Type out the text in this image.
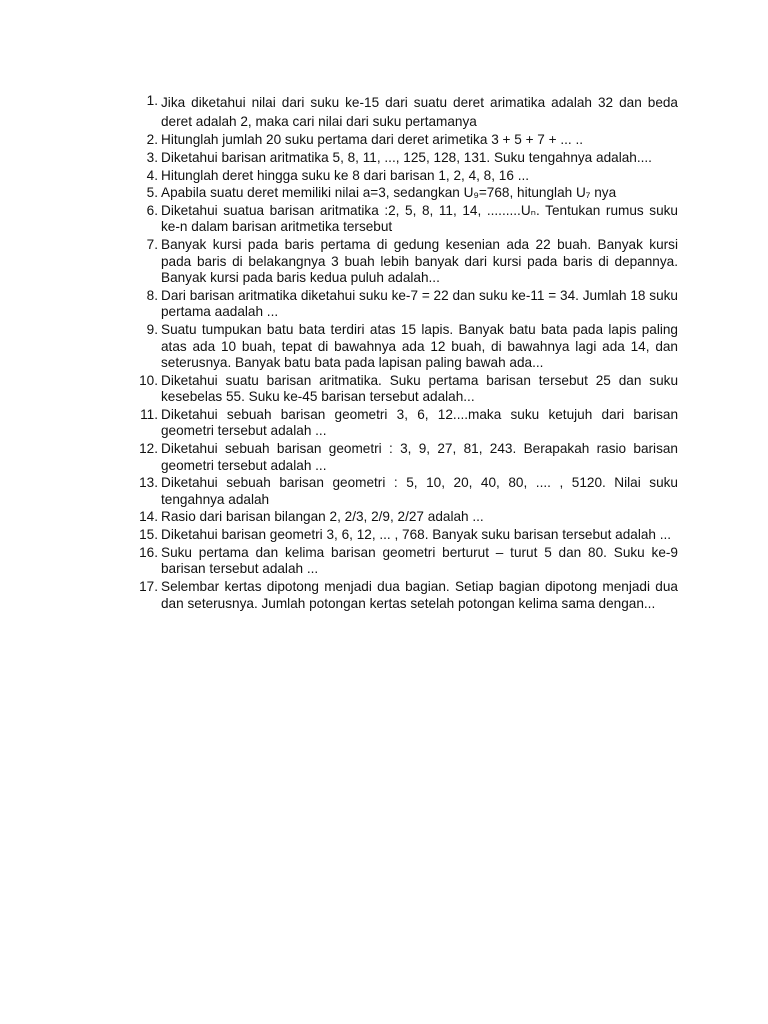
1. Jika diketahui nilai dari suku ke-15 dari suatu deret arimatika adalah 32 dan beda deret adalah 2, maka cari nilai dari suku pertamanya
2. Hitunglah jumlah 20 suku pertama dari deret arimetika 3 + 5 + 7 + ... ..
3. Diketahui barisan aritmatika 5, 8, 11, ..., 125, 128, 131. Suku tengahnya adalah....
4. Hitunglah deret hingga suku ke 8 dari barisan 1, 2, 4, 8, 16 ...
5. Apabila suatu deret memiliki nilai a=3, sedangkan U₉=768, hitunglah U₇ nya
6. Diketahui suatua barisan aritmatika :2, 5, 8, 11, 14, .........Uₙ. Tentukan rumus suku ke-n dalam barisan aritmetika tersebut
7. Banyak kursi pada baris pertama di gedung kesenian ada 22 buah. Banyak kursi pada baris di belakangnya 3 buah lebih banyak dari kursi pada baris di depannya. Banyak kursi pada baris kedua puluh adalah...
8. Dari barisan aritmatika diketahui suku ke-7 = 22 dan suku ke-11 = 34. Jumlah 18 suku pertama aadalah ...
9. Suatu tumpukan batu bata terdiri atas 15 lapis. Banyak batu bata pada lapis paling atas ada 10 buah, tepat di bawahnya ada 12 buah, di bawahnya lagi ada 14, dan seterusnya. Banyak batu bata pada lapisan paling bawah ada...
10. Diketahui suatu barisan aritmatika. Suku pertama barisan tersebut 25 dan suku kesebelas 55. Suku ke-45 barisan tersebut adalah...
11. Diketahui sebuah barisan geometri 3, 6, 12....maka suku ketujuh dari barisan geometri tersebut adalah ...
12. Diketahui sebuah barisan geometri : 3, 9, 27, 81, 243. Berapakah rasio barisan geometri tersebut adalah ...
13. Diketahui sebuah barisan geometri : 5, 10, 20, 40, 80, .... , 5120. Nilai suku tengahnya adalah
14. Rasio dari barisan bilangan 2, 2/3, 2/9, 2/27 adalah ...
15. Diketahui barisan geometri 3, 6, 12, ... , 768. Banyak suku barisan tersebut adalah ...
16. Suku pertama dan kelima barisan geometri berturut – turut 5 dan 80. Suku ke-9 barisan tersebut adalah ...
17. Selembar kertas dipotong menjadi dua bagian. Setiap bagian dipotong menjadi dua dan seterusnya. Jumlah potongan kertas setelah potongan kelima sama dengan...
